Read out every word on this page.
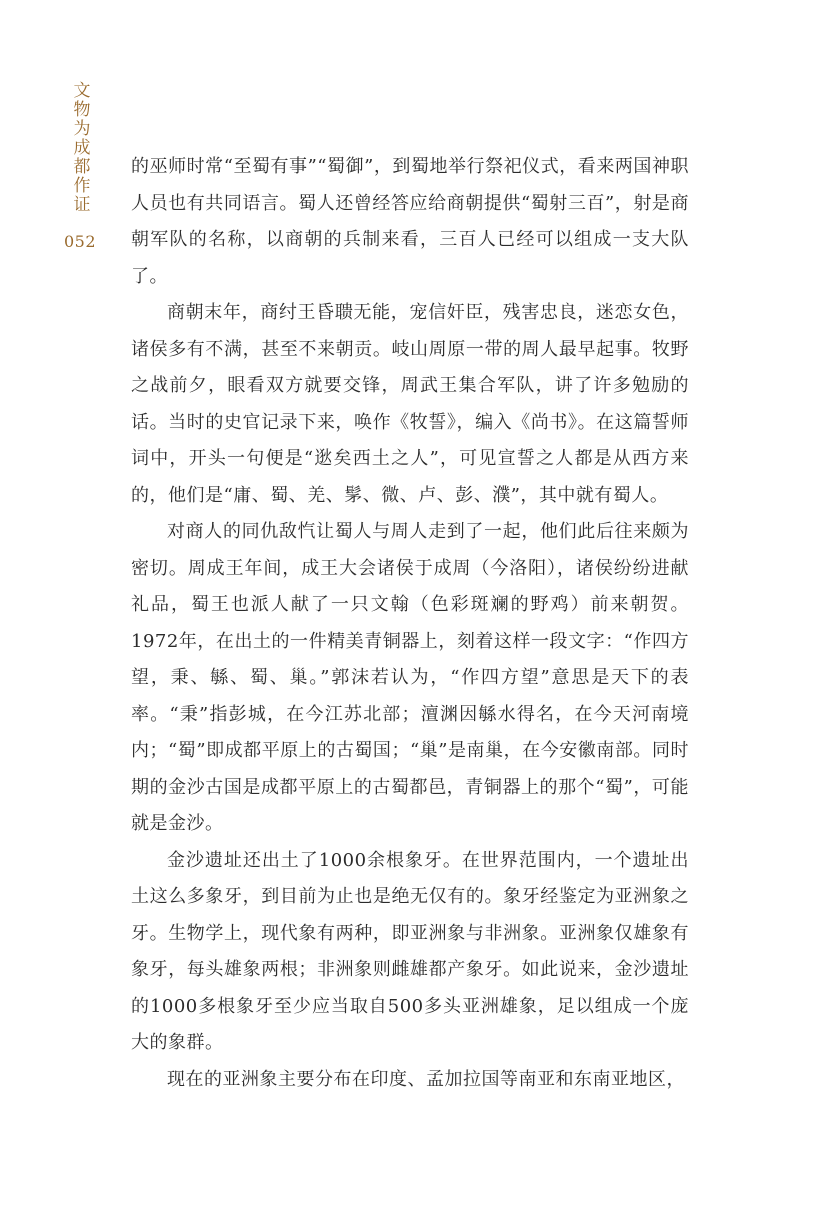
文物为成都作证
052

的巫师时常“至蜀有事”“蜀御”，到蜀地举行祭祀仪式，看来两国神职人员也有共同语言。蜀人还曾经答应给商朝提供“蜀射三百”，射是商朝军队的名称，以商朝的兵制来看，三百人已经可以组成一支大队了。

商朝末年，商纣王昏聩无能，宠信奸臣，残害忠良，迷恋女色，诸侯多有不满，甚至不来朝贡。岐山周原一带的周人最早起事。牧野之战前夕，眼看双方就要交锋，周武王集合军队，讲了许多勉励的话。当时的史官记录下来，唤作《牧誓》，编入《尚书》。在这篇誓师词中，开头一句便是“逖矣西土之人”，可见宣誓之人都是从西方来的，他们是“庸、蜀、羌、髳、微、卢、彭、濮”，其中就有蜀人。

对商人的同仇敌忾让蜀人与周人走到了一起，他们此后往来颇为密切。周成王年间，成王大会诸侯于成周（今洛阳），诸侯纷纷进献礼品，蜀王也派人献了一只文翰（色彩斑斓的野鸡）前来朝贺。1972年，在出土的一件精美青铜器上，刻着这样一段文字：“作四方望，秉、緐、蜀、巢。”郭沫若认为，“作四方望”意思是天下的表率。“秉”指彭城，在今江苏北部；澶渊因緐水得名，在今天河南境内；“蜀”即成都平原上的古蜀国；“巢”是南巢，在今安徽南部。同时期的金沙古国是成都平原上的古蜀都邑，青铜器上的那个“蜀”，可能就是金沙。

金沙遗址还出土了1000余根象牙。在世界范围内，一个遗址出土这么多象牙，到目前为止也是绝无仅有的。象牙经鉴定为亚洲象之牙。生物学上，现代象有两种，即亚洲象与非洲象。亚洲象仅雄象有象牙，每头雄象两根；非洲象则雌雄都产象牙。如此说来，金沙遗址的1000多根象牙至少应当取自500多头亚洲雄象，足以组成一个庞大的象群。

现在的亚洲象主要分布在印度、孟加拉国等南亚和东南亚地区，
